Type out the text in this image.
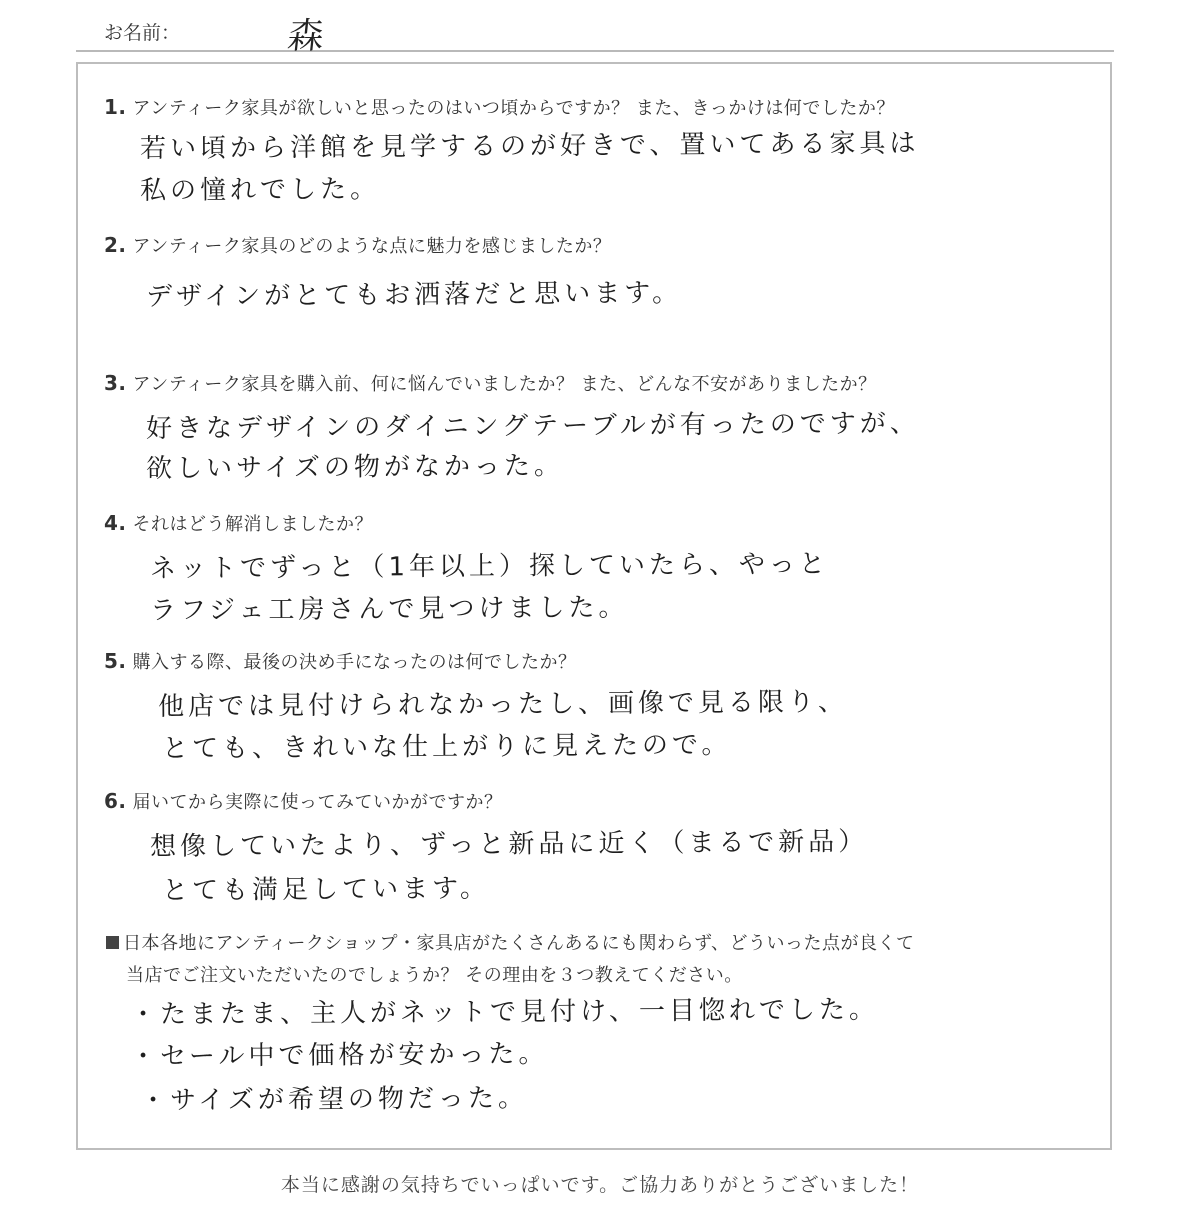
お名前：	森
1. アンティーク家具が欲しいと思ったのはいつ頃からですか？ また、きっかけは何でしたか？
若い頃から洋館を見学するのが好きで、置いてある家具は
私の憧れでした。
2. アンティーク家具のどのような点に魅力を感じましたか？
デザインがとてもお洒落だと思います。
3. アンティーク家具を購入前、何に悩んでいましたか？ また、どんな不安がありましたか？
好きなデザインのダイニングテーブルが有ったのですが、
欲しいサイズの物がなかった。
4. それはどう解消しましたか？
ネットでずっと（1年以上）探していたら、やっと
ラフジェ工房さんで見つけました。
5. 購入する際、最後の決め手になったのは何でしたか？
他店では見付けられなかったし、画像で見る限り、
とても、きれいな仕上がりに見えたので。
6. 届いてから実際に使ってみていかがですか？
想像していたより、ずっと新品に近く（まるで新品）
とても満足しています。
日本各地にアンティークショップ・家具店がたくさんあるにも関わらず、どういった点が良くて
当店でご注文いただいたのでしょうか？ その理由を３つ教えてください。
・たまたま、主人がネットで見付け、一目惚れでした。
・セール中で価格が安かった。
・サイズが希望の物だった。
本当に感謝の気持ちでいっぱいです。ご協力ありがとうございました！
